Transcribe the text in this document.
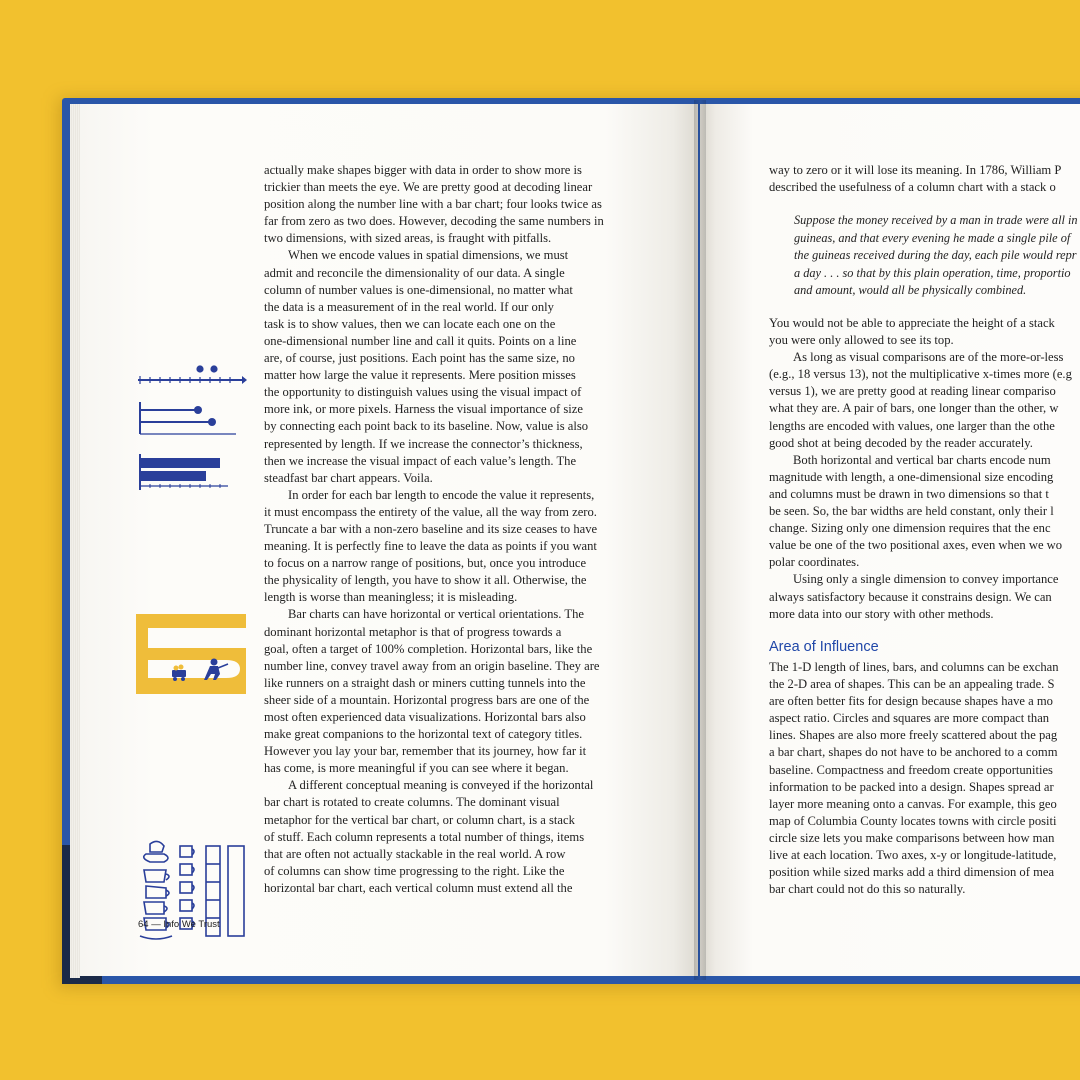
actually make shapes bigger with data in order to show more is
trickier than meets the eye. We are pretty good at decoding linear
position along the number line with a bar chart; four looks twice as
far from zero as two does. However, decoding the same numbers in
two dimensions, with sized areas, is fraught with pitfalls.
When we encode values in spatial dimensions, we must
admit and reconcile the dimensionality of our data. A single
column of number values is one-dimensional, no matter what
the data is a measurement of in the real world. If our only
task is to show values, then we can locate each one on the
one-dimensional number line and call it quits. Points on a line
are, of course, just positions. Each point has the same size, no
matter how large the value it represents. Mere position misses
the opportunity to distinguish values using the visual impact of
more ink, or more pixels. Harness the visual importance of size
by connecting each point back to its baseline. Now, value is also
represented by length. If we increase the connector’s thickness,
then we increase the visual impact of each value’s length. The
steadfast bar chart appears. Voila.
In order for each bar length to encode the value it represents,
it must encompass the entirety of the value, all the way from zero.
Truncate a bar with a non-zero baseline and its size ceases to have
meaning. It is perfectly fine to leave the data as points if you want
to focus on a narrow range of positions, but, once you introduce
the physicality of length, you have to show it all. Otherwise, the
length is worse than meaningless; it is misleading.
Bar charts can have horizontal or vertical orientations. The
dominant horizontal metaphor is that of progress towards a
goal, often a target of 100% completion. Horizontal bars, like the
number line, convey travel away from an origin baseline. They are
like runners on a straight dash or miners cutting tunnels into the
sheer side of a mountain. Horizontal progress bars are one of the
most often experienced data visualizations. Horizontal bars also
make great companions to the horizontal text of category titles.
However you lay your bar, remember that its journey, how far it
has come, is more meaningful if you can see where it began.
A different conceptual meaning is conveyed if the horizontal
bar chart is rotated to create columns. The dominant visual
metaphor for the vertical bar chart, or column chart, is a stack
of stuff. Each column represents a total number of things, items
that are often not actually stackable in the real world. A row
of columns can show time progressing to the right. Like the
horizontal bar chart, each vertical column must extend all the
64 — Info We Trust
way to zero or it will lose its meaning. In 1786, William P
described the usefulness of a column chart with a stack o
Suppose the money received by a man in trade were all in
guineas, and that every evening he made a single pile of
the guineas received during the day, each pile would repr
a day . . . so that by this plain operation, time, proportio
and amount, would all be physically combined.
You would not be able to appreciate the height of a stack
you were only allowed to see its top.
As long as visual comparisons are of the more-or-less
(e.g., 18 versus 13), not the multiplicative x-times more (e.g
versus 1), we are pretty good at reading linear compariso
what they are. A pair of bars, one longer than the other, w
lengths are encoded with values, one larger than the othe
good shot at being decoded by the reader accurately.
Both horizontal and vertical bar charts encode num
magnitude with length, a one-dimensional size encoding
and columns must be drawn in two dimensions so that t
be seen. So, the bar widths are held constant, only their l
change. Sizing only one dimension requires that the enc
value be one of the two positional axes, even when we wo
polar coordinates.
Using only a single dimension to convey importance
always satisfactory because it constrains design. We can
more data into our story with other methods.
Area of Influence
The 1-D length of lines, bars, and columns can be exchan
the 2-D area of shapes. This can be an appealing trade. S
are often better fits for design because shapes have a mo
aspect ratio. Circles and squares are more compact than
lines. Shapes are also more freely scattered about the pag
a bar chart, shapes do not have to be anchored to a comm
baseline. Compactness and freedom create opportunities
information to be packed into a design. Shapes spread ar
layer more meaning onto a canvas. For example, this geo
map of Columbia County locates towns with circle positi
circle size lets you make comparisons between how man
live at each location. Two axes, x-y or longitude-latitude,
position while sized marks add a third dimension of mea
bar chart could not do this so naturally.
